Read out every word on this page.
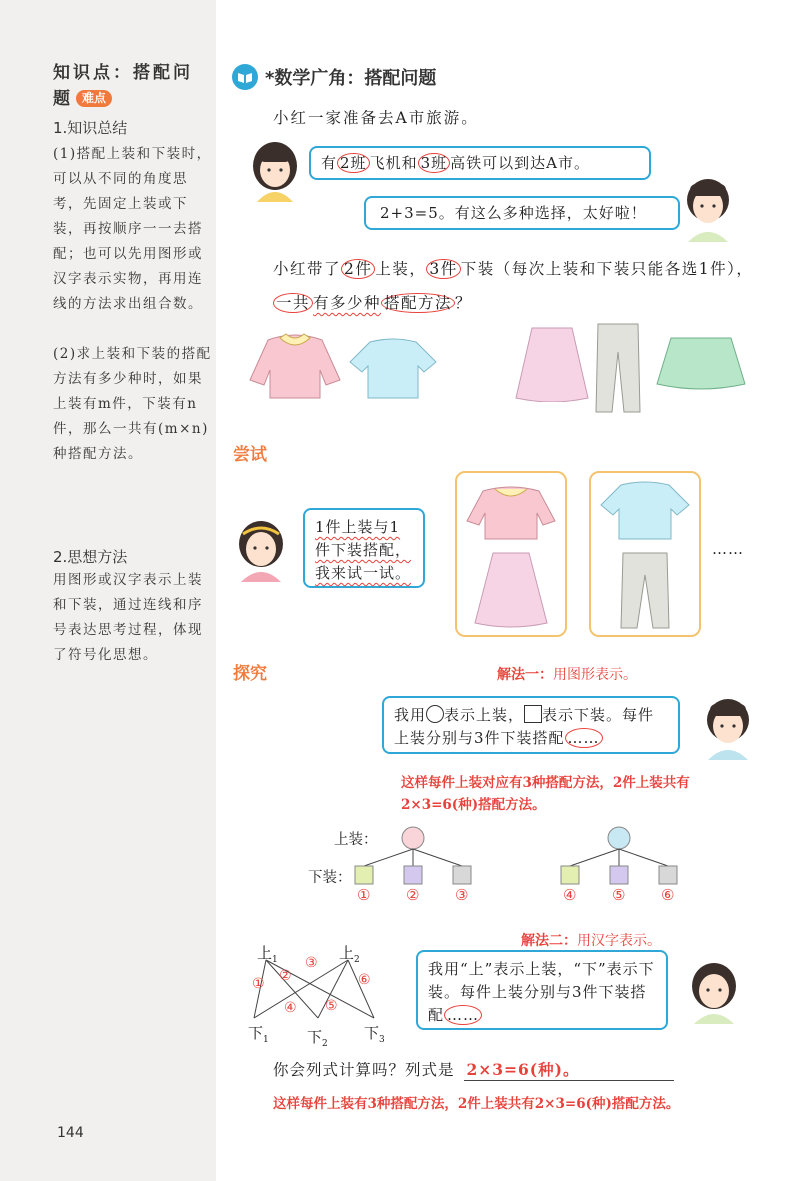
知识点：搭配问题 难点
1.知识总结
(1)搭配上装和下装时，可以从不同的角度思考，先固定上装或下装，再按顺序一一去搭配；也可以先用图形或汉字表示实物，再用连线的方法求出组合数。
(2)求上装和下装的搭配方法有多少种时，如果上装有m件，下装有n件，那么一共有(m×n)种搭配方法。
2.思想方法
用图形或汉字表示上装和下装，通过连线和序号表达思考过程，体现了符号化思想。
144
*数学广角：搭配问题
小红一家准备去A市旅游。
有 2班 飞机和 3班 高铁可以到达A市。
2+3=5。有这么多种选择，太好啦！
小红带了 2件 上装， 3件 下装（每次上装和下装只能各选1件），一共 有多少种 搭配方法 ？
尝试
1件上装与1件下装搭配，我来试一试。
……
探究	解法一：用图形表示。
我用 表示上装， 表示下装。每件上装分别与3件下装搭配 ……
这样每件上装对应有3种搭配方法，2件上装共有2×3=6(种)搭配方法。
上装：
下装：
① ② ③	④ ⑤ ⑥
解法二：用汉字表示。
上$_1$	上$_2$
下$_1$	下$_2$
下$_3$
① ②
③
④ ⑤
⑥
我用“上”表示上装，“下”表示下装。每件上装分别与3件下装搭配 ……
你会列式计算吗？列式是 2×3=6(种)。
这样每件上装有3种搭配方法，2件上装共有2×3=6(种)搭配方法。
